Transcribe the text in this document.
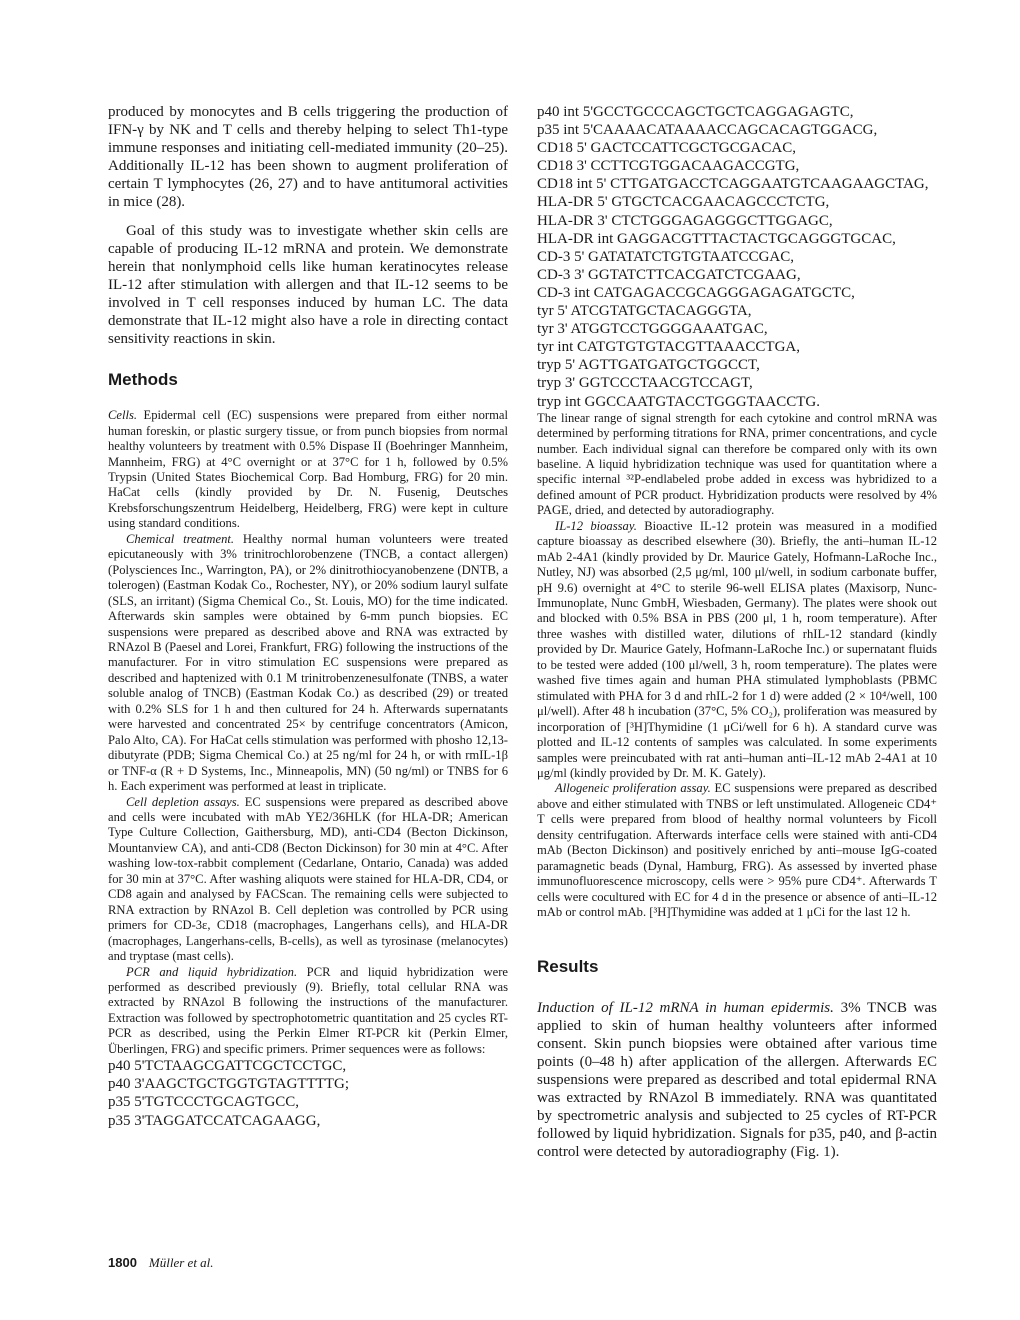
produced by monocytes and B cells triggering the production of IFN-γ by NK and T cells and thereby helping to select Th1-type immune responses and initiating cell-mediated immunity (20–25). Additionally IL-12 has been shown to augment proliferation of certain T lymphocytes (26, 27) and to have antitumoral activities in mice (28).

Goal of this study was to investigate whether skin cells are capable of producing IL-12 mRNA and protein. We demonstrate herein that nonlymphoid cells like human keratinocytes release IL-12 after stimulation with allergen and that IL-12 seems to be involved in T cell responses induced by human LC. The data demonstrate that IL-12 might also have a role in directing contact sensitivity reactions in skin.

Methods

Cells. Epidermal cell (EC) suspensions were prepared from either normal human foreskin, or plastic surgery tissue, or from punch biopsies from normal healthy volunteers by treatment with 0.5% Dispase II (Boehringer Mannheim, Mannheim, FRG) at 4°C overnight or at 37°C for 1 h, followed by 0.5% Trypsin (United States Biochemical Corp. Bad Homburg, FRG) for 20 min. HaCat cells (kindly provided by Dr. N. Fusenig, Deutsches Krebsforschungszentrum Heidelberg, Heidelberg, FRG) were kept in culture using standard conditions.

Chemical treatment. Healthy normal human volunteers were treated epicutaneously with 3% trinitrochlorobenzene (TNCB, a contact allergen) (Polysciences Inc., Warrington, PA), or 2% dinitrothiocyanobenzene (DNTB, a tolerogen) (Eastman Kodak Co., Rochester, NY), or 20% sodium lauryl sulfate (SLS, an irritant) (Sigma Chemical Co., St. Louis, MO) for the time indicated. Afterwards skin samples were obtained by 6-mm punch biopsies. EC suspensions were prepared as described above and RNA was extracted by RNAzol B (Paesel and Lorei, Frankfurt, FRG) following the instructions of the manufacturer. For in vitro stimulation EC suspensions were prepared as described and haptenized with 0.1 M trinitrobenzenesulfonate (TNBS, a water soluble analog of TNCB) (Eastman Kodak Co.) as described (29) or treated with 0.2% SLS for 1 h and then cultured for 24 h. Afterwards supernatants were harvested and concentrated 25× by centrifuge concentrators (Amicon, Palo Alto, CA). For HaCat cells stimulation was performed with phosho 12,13-dibutyrate (PDB; Sigma Chemical Co.) at 25 ng/ml for 24 h, or with rmIL-1β or TNF-α (R + D Systems, Inc., Minneapolis, MN) (50 ng/ml) or TNBS for 6 h. Each experiment was performed at least in triplicate.

Cell depletion assays. EC suspensions were prepared as described above and cells were incubated with mAb YE2/36HLK (for HLA-DR; American Type Culture Collection, Gaithersburg, MD), anti-CD4 (Becton Dickinson, Mountanview CA), and anti-CD8 (Becton Dickinson) for 30 min at 4°C. After washing low-tox-rabbit complement (Cedarlane, Ontario, Canada) was added for 30 min at 37°C. After washing aliquots were stained for HLA-DR, CD4, or CD8 again and analysed by FACScan. The remaining cells were subjected to RNA extraction by RNAzol B. Cell depletion was controlled by PCR using primers for CD-3ε, CD18 (macrophages, Langerhans cells), and HLA-DR (macrophages, Langerhans-cells, B-cells), as well as tyrosinase (melanocytes) and tryptase (mast cells).

PCR and liquid hybridization. PCR and liquid hybridization were performed as described previously (9). Briefly, total cellular RNA was extracted by RNAzol B following the instructions of the manufacturer. Extraction was followed by spectrophotometric quantitation and 25 cycles RT-PCR as described, using the Perkin Elmer RT-PCR kit (Perkin Elmer, Überlingen, FRG) and specific primers. Primer sequences were as follows:

p40 5'TCTAAGCGATTCGCTCCTGC,

p40 3'AAGCTGCTGGTGTAGTTTTG;

p35 5'TGTCCCTGCAGTGCC,

p35 3'TAGGATCCATCAGAAGG,

p40 int 5'GCCTGCCCAGCTGCTCAGGAGAGTC,

p35 int 5'CAAAACATAAAACCAGCACAGTGGACG,

CD18 5' GACTCCATTCGCTGCGACAC,

CD18 3' CCTTCGTGGACAAGACCGTG,

CD18 int 5' CTTGATGACCTCAGGAATGTCAAGAAGCTAG,

HLA-DR 5' GTGCTCACGAACAGCCCTCTG,

HLA-DR 3' CTCTGGGAGAGGGCTTGGAGC,

HLA-DR int GAGGACGTTTACTACTGCAGGGTGCAC,

CD-3 5' GATATATCTGTGTAATCCGAC,

CD-3 3' GGTATCTTCACGATCTCGAAG,

CD-3 int CATGAGACCGCAGGGAGAGATGCTC,

tyr 5' ATCGTATGCTACAGGGTA,

tyr 3' ATGGTCCTGGGGAAATGAC,

tyr int CATGTGTGTACGTTAAACCTGA,

tryp 5' AGTTGATGATGCTGGCCT,

tryp 3' GGTCCCTAACGTCCAGT,

tryp int GGCCAATGTACCTGGGTAACCTG.

The linear range of signal strength for each cytokine and control mRNA was determined by performing titrations for RNA, primer concentrations, and cycle number. Each individual signal can therefore be compared only with its own baseline. A liquid hybridization technique was used for quantitation where a specific internal ³²P-endlabeled probe added in excess was hybridized to a defined amount of PCR product. Hybridization products were resolved by 4% PAGE, dried, and detected by autoradiography.

IL-12 bioassay. Bioactive IL-12 protein was measured in a modified capture bioassay as described elsewhere (30). Briefly, the anti–human IL-12 mAb 2-4A1 (kindly provided by Dr. Maurice Gately, Hofmann-LaRoche Inc., Nutley, NJ) was absorbed (2,5 μg/ml, 100 μl/well, in sodium carbonate buffer, pH 9.6) overnight at 4°C to sterile 96-well ELISA plates (Maxisorp, Nunc-Immunoplate, Nunc GmbH, Wiesbaden, Germany). The plates were shook out and blocked with 0.5% BSA in PBS (200 μl, 1 h, room temperature). After three washes with distilled water, dilutions of rhIL-12 standard (kindly provided by Dr. Maurice Gately, Hofmann-LaRoche Inc.) or supernatant fluids to be tested were added (100 μl/well, 3 h, room temperature). The plates were washed five times again and human PHA stimulated lymphoblasts (PBMC stimulated with PHA for 3 d and rhIL-2 for 1 d) were added (2 × 10⁴/well, 100 μl/well). After 48 h incubation (37°C, 5% CO₂), proliferation was measured by incorporation of [³H]Thymidine (1 μCi/well for 6 h). A standard curve was plotted and IL-12 contents of samples was calculated. In some experiments samples were preincubated with rat anti–human anti–IL-12 mAb 2-4A1 at 10 μg/ml (kindly provided by Dr. M. K. Gately).

Allogeneic proliferation assay. EC suspensions were prepared as described above and either stimulated with TNBS or left unstimulated. Allogeneic CD4⁺ T cells were prepared from blood of healthy normal volunteers by Ficoll density centrifugation. Afterwards interface cells were stained with anti-CD4 mAb (Becton Dickinson) and positively enriched by anti–mouse IgG-coated paramagnetic beads (Dynal, Hamburg, FRG). As assessed by inverted phase immunofluorescence microscopy, cells were > 95% pure CD4⁺. Afterwards T cells were cocultured with EC for 4 d in the presence or absence of anti–IL-12 mAb or control mAb. [³H]Thymidine was added at 1 μCi for the last 12 h.

Results

Induction of IL-12 mRNA in human epidermis. 3% TNCB was applied to skin of human healthy volunteers after informed consent. Skin punch biopsies were obtained after various time points (0–48 h) after application of the allergen. Afterwards EC suspensions were prepared as described and total epidermal RNA was extracted by RNAzol B immediately. RNA was quantitated by spectrometric analysis and subjected to 25 cycles of RT-PCR followed by liquid hybridization. Signals for p35, p40, and β-actin control were detected by autoradiography (Fig. 1).

1800 Müller et al.
